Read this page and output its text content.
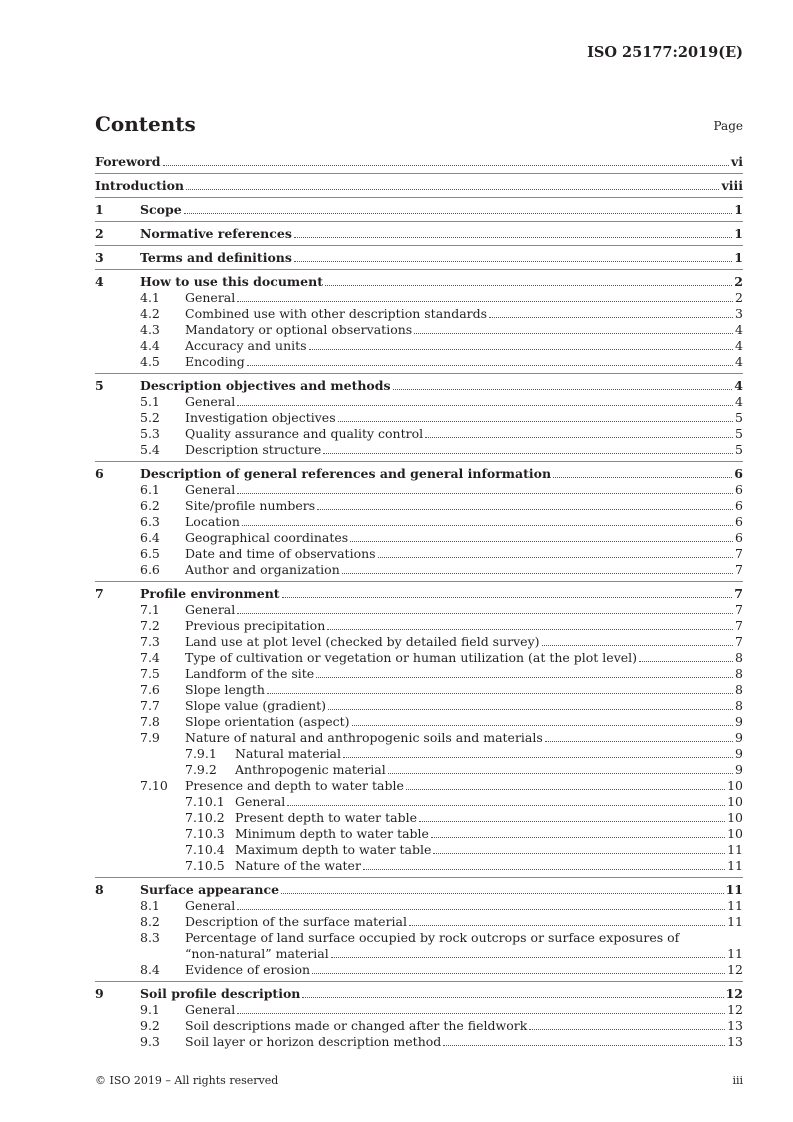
ISO 25177:2019(E)
Contents	Page
Foreword	vi
Introduction	viii
1	Scope	1
2	Normative references	1
3	Terms and definitions	1
4	How to use this document	2
4.1 General	2
4.2 Combined use with other description standards	3
4.3 Mandatory or optional observations	4
4.4 Accuracy and units	4
4.5 Encoding	4
5	Description objectives and methods	4
5.1 General	4
5.2 Investigation objectives	5
5.3 Quality assurance and quality control	5
5.4 Description structure	5
6	Description of general references and general information	6
6.1 General	6
6.2 Site/profile numbers	6
6.3 Location	6
6.4 Geographical coordinates	6
6.5 Date and time of observations	7
6.6 Author and organization	7
7	Profile environment	7
7.1 General	7
7.2 Previous precipitation	7
7.3 Land use at plot level (checked by detailed field survey)	7
7.4 Type of cultivation or vegetation or human utilization (at the plot level)	8
7.5 Landform of the site	8
7.6 Slope length	8
7.7 Slope value (gradient)	8
7.8 Slope orientation (aspect)	9
7.9 Nature of natural and anthropogenic soils and materials	9
7.9.1 Natural material	9
7.9.2 Anthropogenic material	9
7.10 Presence and depth to water table	10
7.10.1 General	10
7.10.2 Present depth to water table	10
7.10.3 Minimum depth to water table	10
7.10.4 Maximum depth to water table	11
7.10.5 Nature of the water	11
8	Surface appearance	11
8.1 General	11
8.2 Description of the surface material	11
8.3 Percentage of land surface occupied by rock outcrops or surface exposures of
“non-natural” material	11
8.4 Evidence of erosion	12
9	Soil profile description	12
9.1 General	12
9.2 Soil descriptions made or changed after the fieldwork	13
9.3 Soil layer or horizon description method	13
© ISO 2019 – All rights reserved	iii
